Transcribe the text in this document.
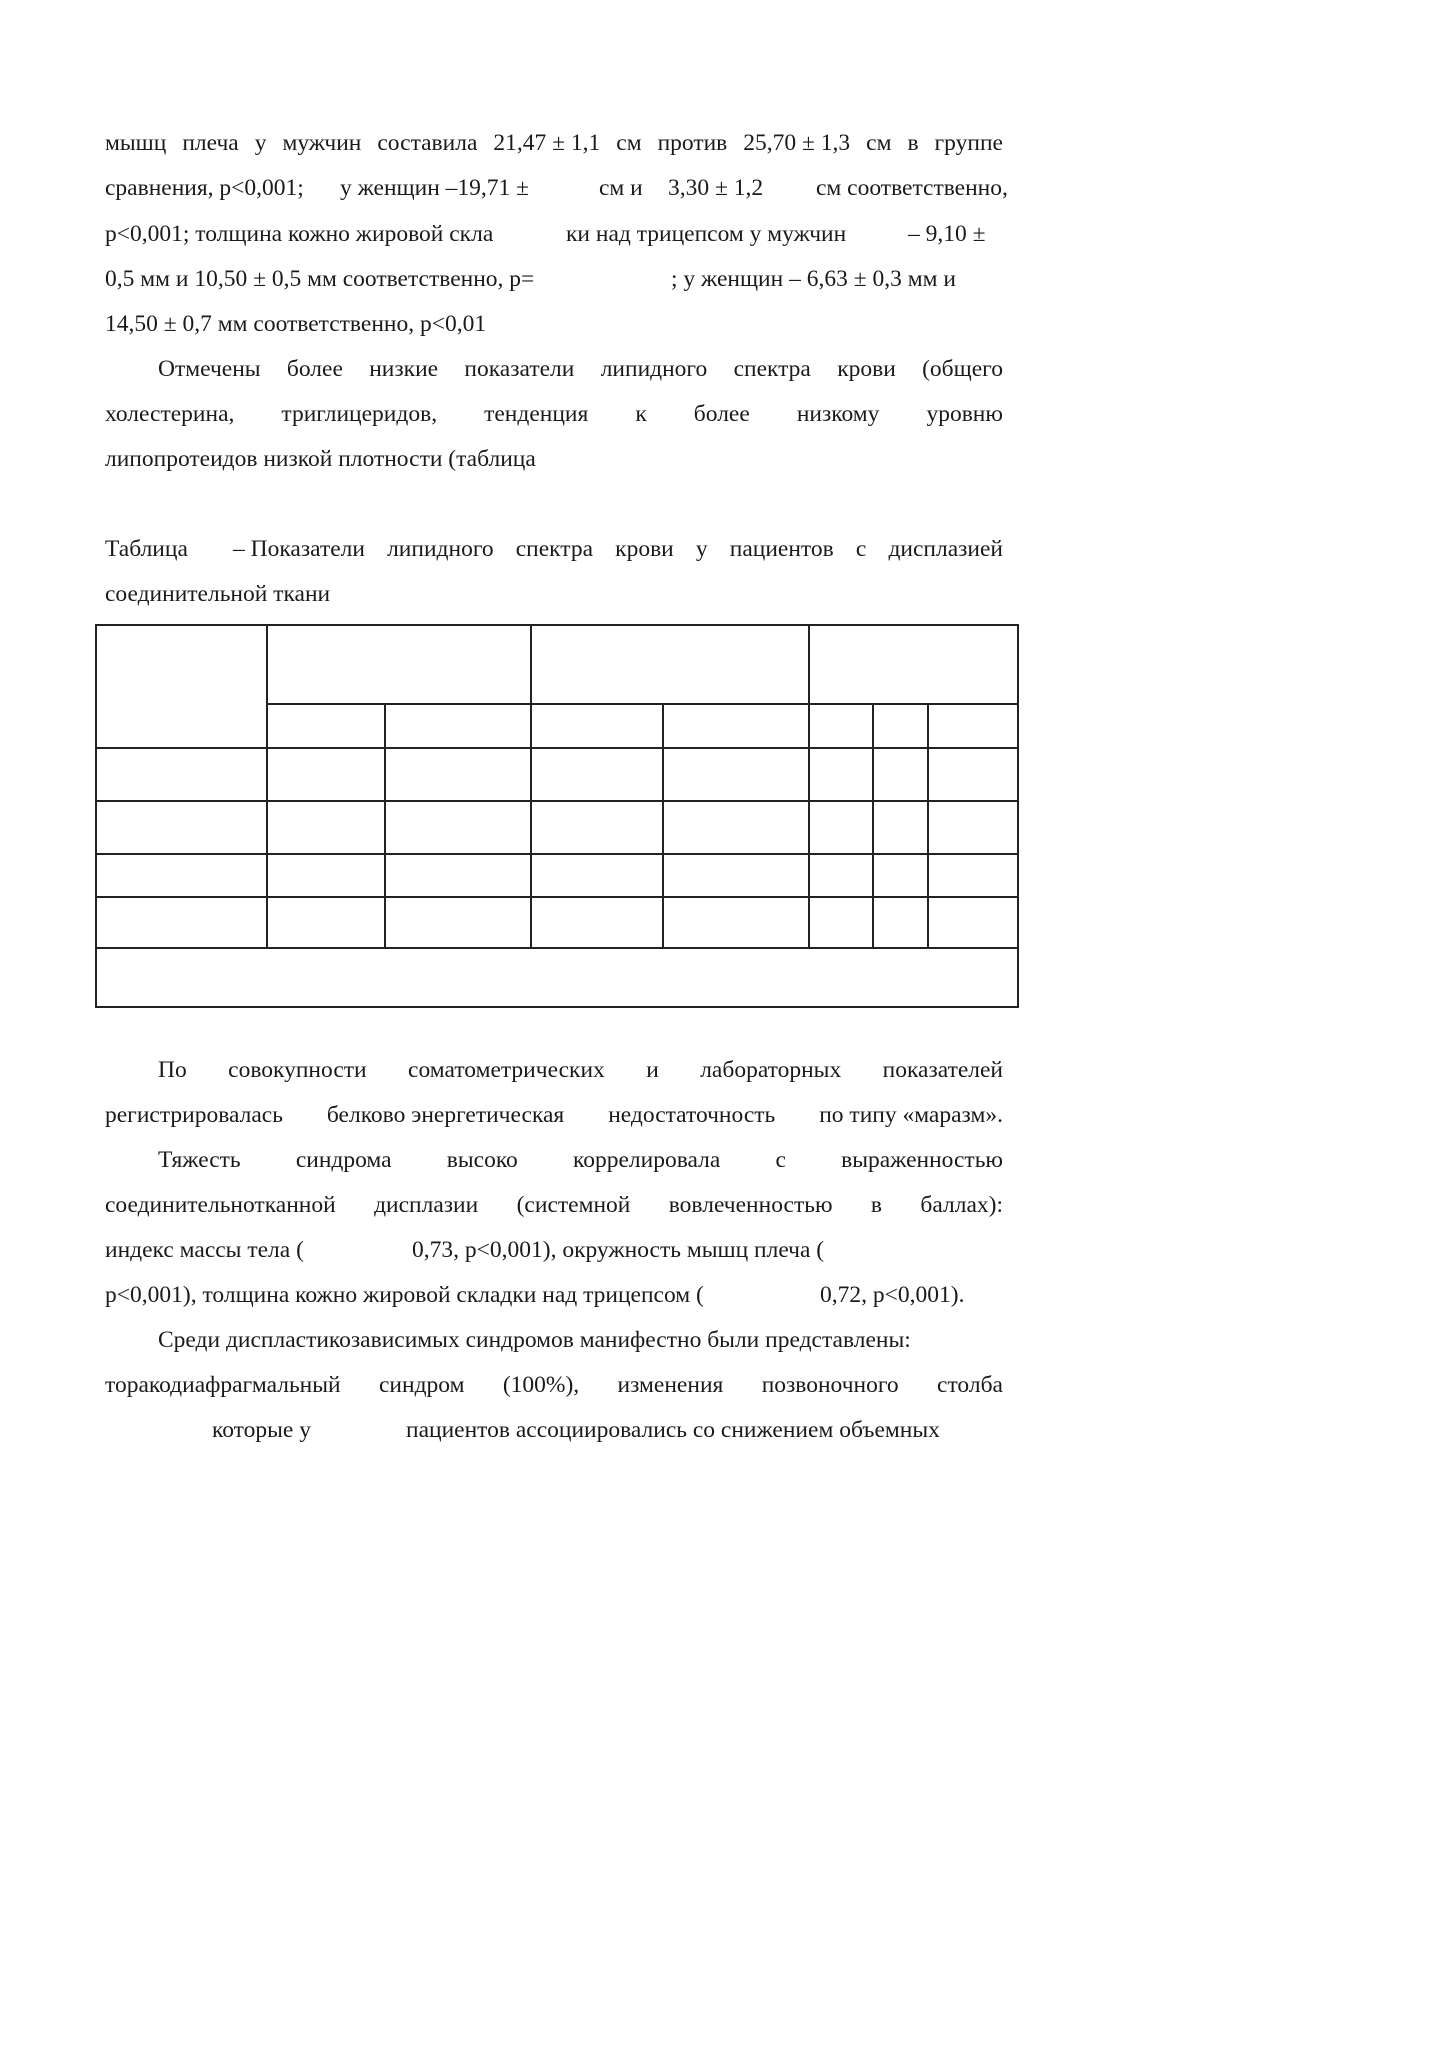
мышц плеча у мужчин составила 21,47 ± 1,1 см против 25,70 ± 1,3 см в группе
сравнения, р<0,001; у женщин –19,71 ±	см и 3,30 ± 1,2 см соответственно,
р<0,001; толщина кожно жировой скла	ки над трицепсом у мужчин	– 9,10 ±
0,5 мм и 10,50 ± 0,5 мм соответственно, р=	; у женщин – 6,63 ± 0,3 мм и
14,50 ± 0,7 мм соответственно, р<0,01
Отмечены более низкие показатели липидного спектра крови (общего
холестерина, триглицеридов, тенденция к более низкому уровню
липопротеидов низкой плотности (таблица
Таблица – Показатели липидного спектра крови у пациентов с дисплазией
соединительной ткани
По совокупности соматометрических и лабораторных показателей
регистрировалась белково энергетическая недостаточность по типу «маразм».
Тяжесть синдрома высоко коррелировала с выраженностью
соединительнотканной дисплазии (системной вовлеченностью в баллах):
индекс массы тела (	0,73, р<0,001), окружность мышц плеча (
р<0,001), толщина кожно жировой складки над трицепсом (	0,72, р<0,001).
Среди диспластикозависимых синдромов манифестно были представлены:
торакодиафрагмальный синдром (100%), изменения позвоночного столба
которые у	пациентов ассоциировались со снижением объемных
